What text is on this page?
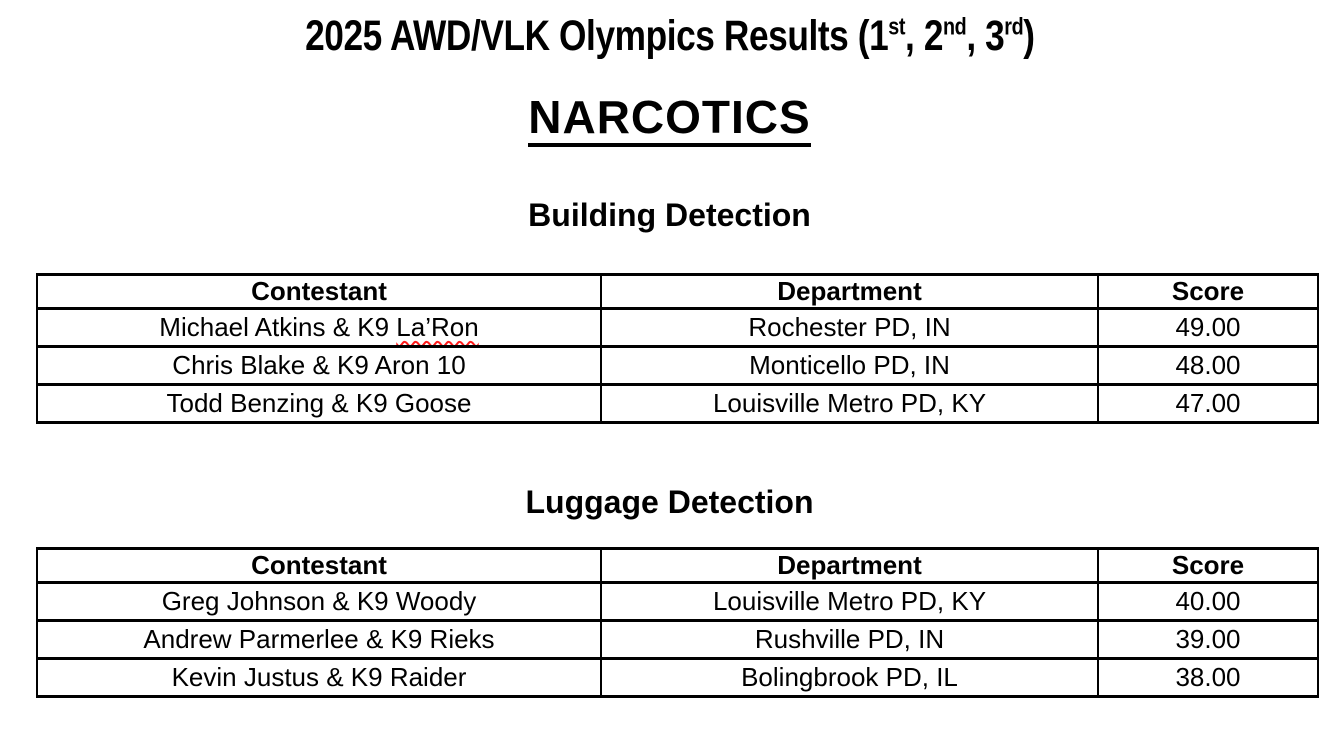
2025 AWD/VLK Olympics Results (1st, 2nd, 3rd)
NARCOTICS
Building Detection
Contestant	Department	Score
Michael Atkins & K9 La’Ron	Rochester PD, IN	49.00
Chris Blake & K9 Aron 10	Monticello PD, IN	48.00
Todd Benzing & K9 Goose	Louisville Metro PD, KY	47.00
Luggage Detection
Contestant	Department	Score
Greg Johnson & K9 Woody	Louisville Metro PD, KY	40.00
Andrew Parmerlee & K9 Rieks	Rushville PD, IN	39.00
Kevin Justus & K9 Raider	Bolingbrook PD, IL	38.00
